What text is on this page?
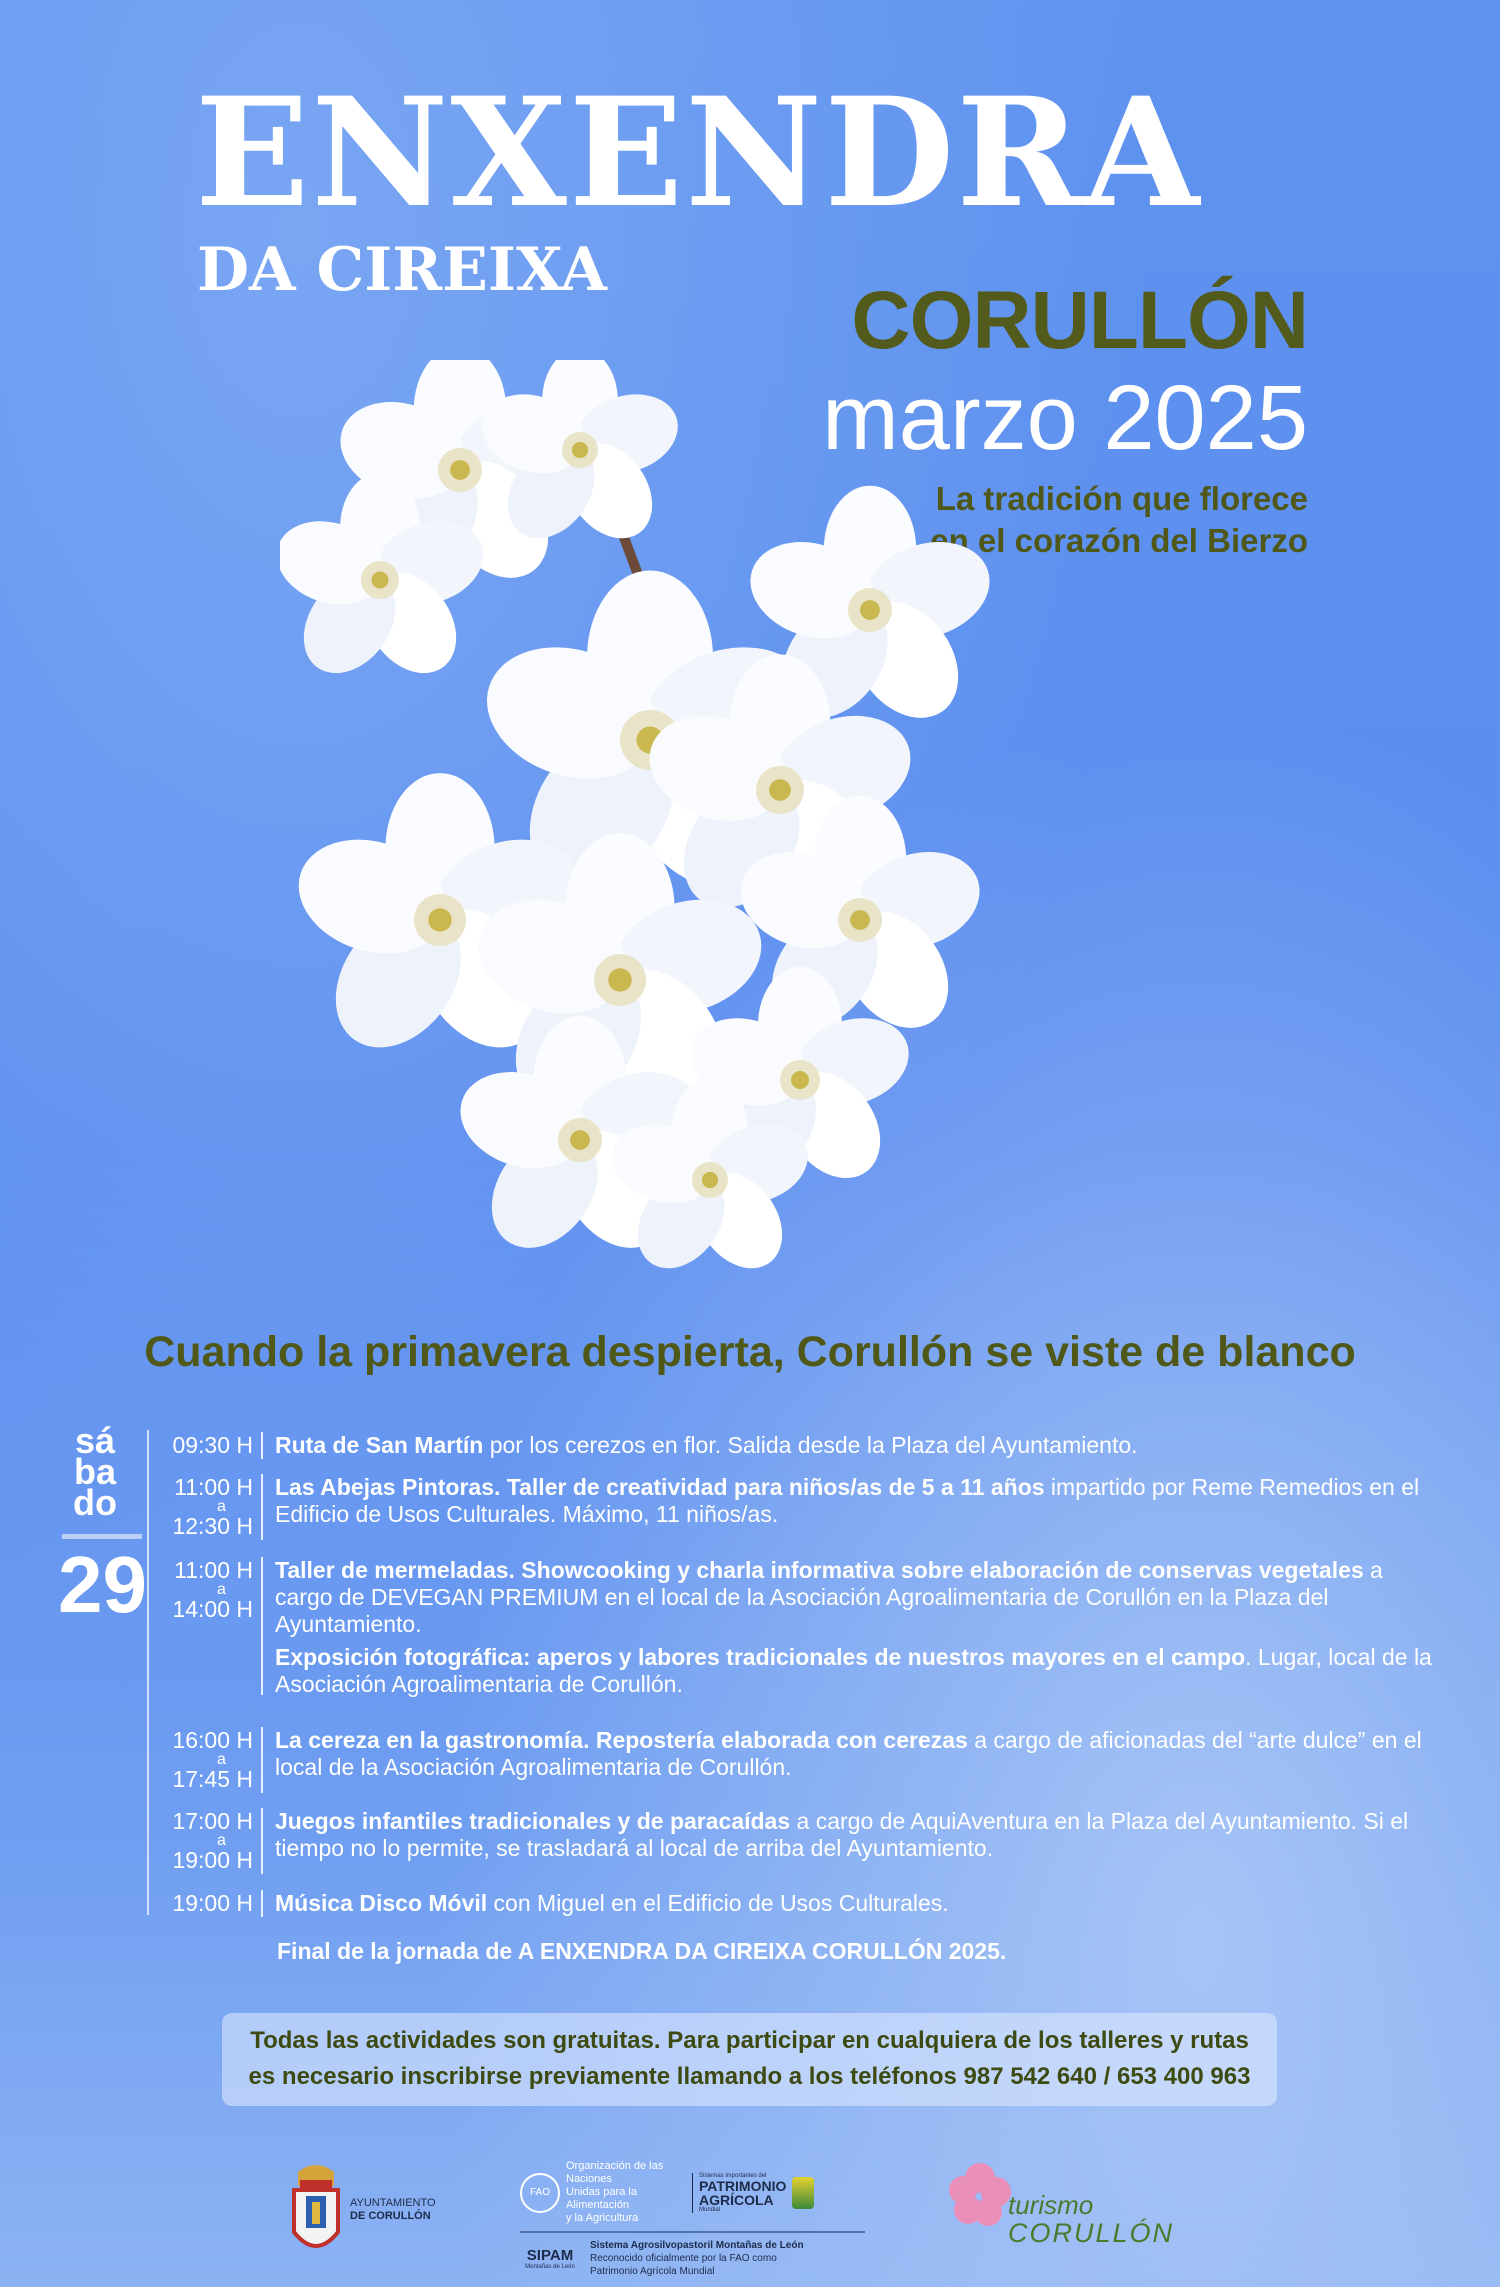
ENXENDRA
DA CIREIXA
CORULLÓN
marzo 2025
La tradición que florece
en el corazón del Bierzo
Cuando la primavera despierta, Corullón se viste de blanco
sá
ba
do
29
09:30 H Ruta de San Martín por los cerezos en flor. Salida desde la Plaza del Ayuntamiento.
11:00 H
a
12:30 H
Las Abejas Pintoras. Taller de creatividad para niños/as de 5 a 11 años impartido por Reme Remedios en el Edificio de Usos Culturales. Máximo, 11 niños/as.
11:00 H
a
14:00 H
Taller de mermeladas. Showcooking y charla informativa sobre elaboración de conservas vegetales a cargo de DEVEGAN PREMIUM en el local de la Asociación Agroalimentaria de Corullón en la Plaza del Ayuntamiento.
Exposición fotográfica: aperos y labores tradicionales de nuestros mayores en el campo. Lugar, local de la Asociación Agroalimentaria de Corullón.
16:00 H
a
17:45 H
La cereza en la gastronomía. Repostería elaborada con cerezas a cargo de aficionadas del “arte dulce” en el local de la Asociación Agroalimentaria de Corullón.
17:00 H
a
19:00 H
Juegos infantiles tradicionales y de paracaídas a cargo de AquiAventura en la Plaza del Ayuntamiento. Si el tiempo no lo permite, se trasladará al local de arriba del Ayuntamiento.
19:00 H Música Disco Móvil con Miguel en el Edificio de Usos Culturales.
Final de la jornada de A ENXENDRA DA CIREIXA CORULLÓN 2025.
Todas las actividades son gratuitas. Para participar en cualquiera de los talleres y rutas
es necesario inscribirse previamente llamando a los teléfonos 987 542 640 / 653 400 963
AYUNTAMIENTO
DE CORULLÓN
FAO
Organización de las Naciones
Unidas para la Alimentación
y la Agricultura
Sistemas importantes del
PATRIMONIO
AGRÍCOLA
Mundial
SIPAM
Montañas de León
Sistema Agrosilvopastoril Montañas de León
Reconocido oficialmente por la FAO como
Patrimonio Agrícola Mundial
turismo
CORULLÓN
